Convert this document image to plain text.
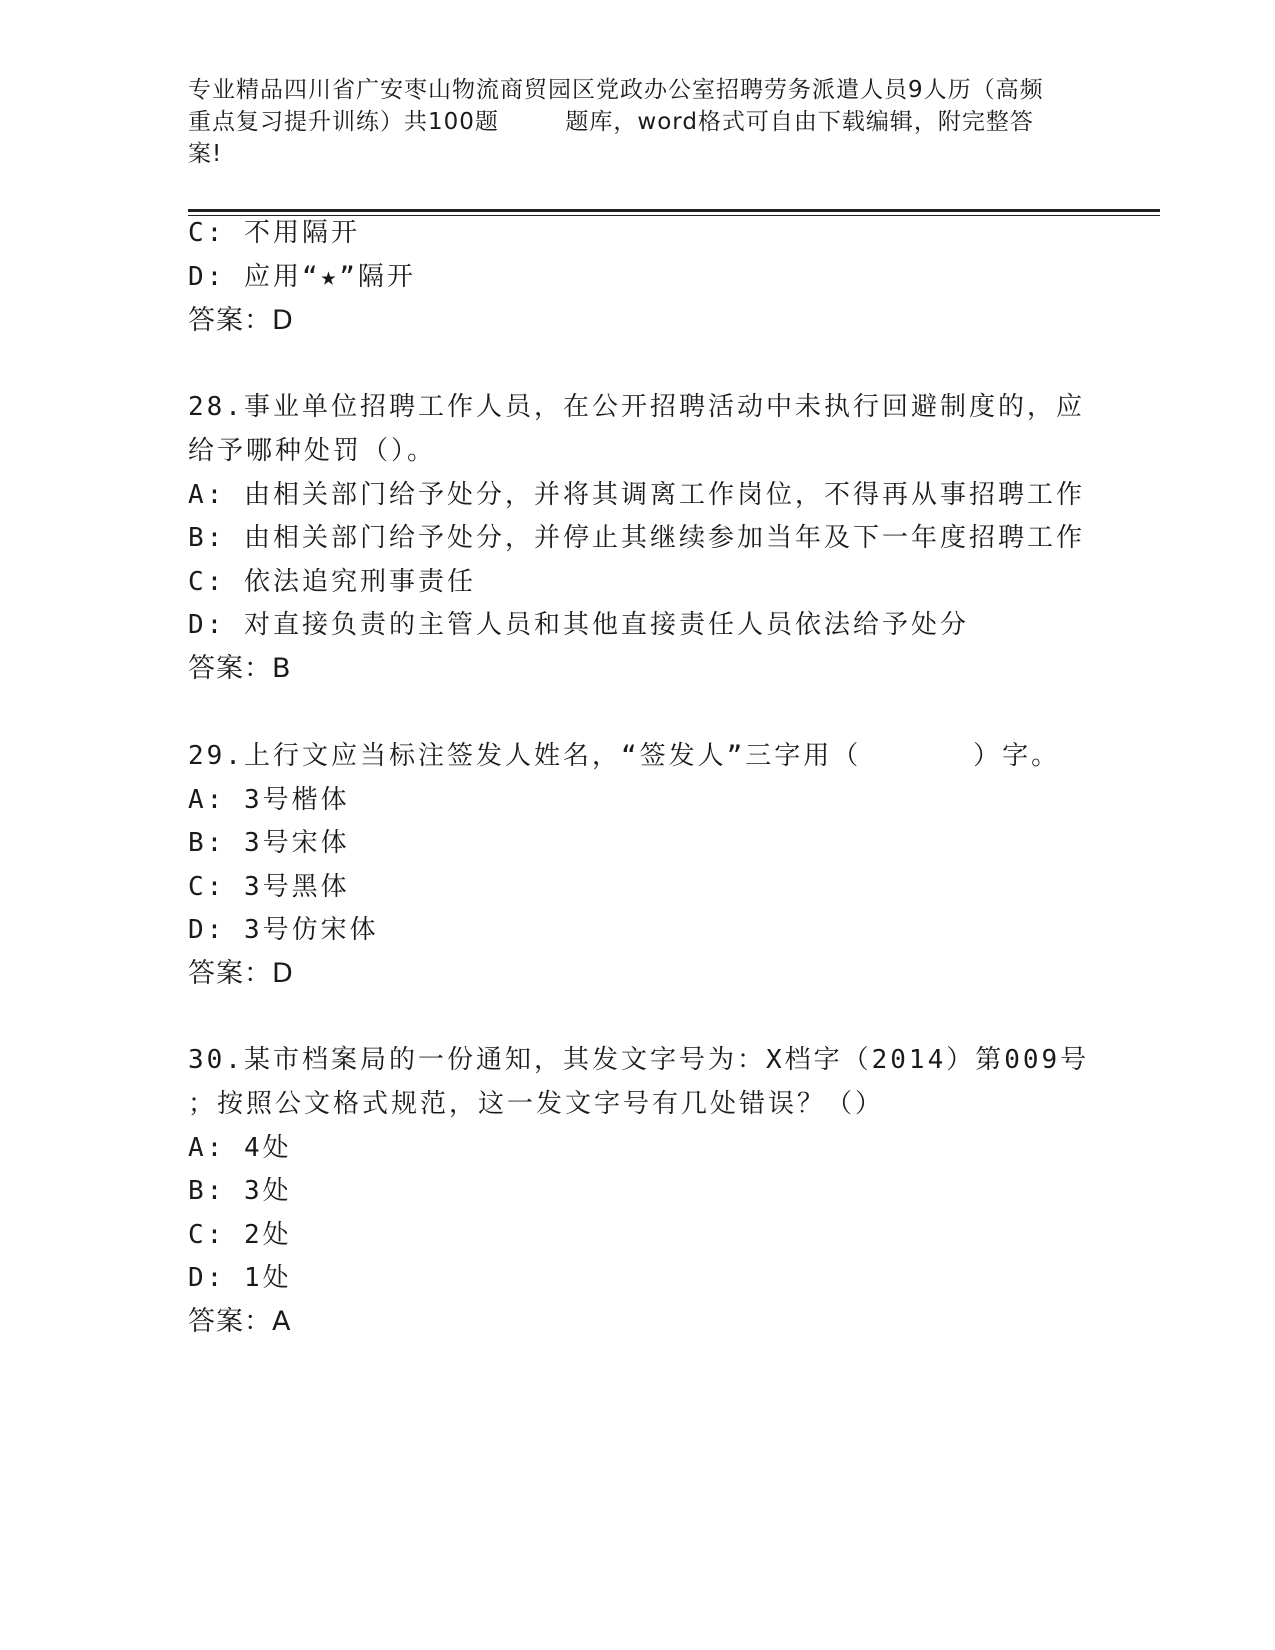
专业精品四川省广安枣山物流商贸园区党政办公室招聘劳务派遣人员9人历（高频
重点复习提升训练）共100题        题库，word格式可自由下载编辑，附完整答
案!
C: 不用隔开
D: 应用“★”隔开
答案：D
28.事业单位招聘工作人员，在公开招聘活动中未执行回避制度的，应
给予哪种处罚（）。
A: 由相关部门给予处分，并将其调离工作岗位，不得再从事招聘工作
B: 由相关部门给予处分，并停止其继续参加当年及下一年度招聘工作
C: 依法追究刑事责任
D: 对直接负责的主管人员和其他直接责任人员依法给予处分
答案：B
29.上行文应当标注签发人姓名，“签发人”三字用（      ）字。
A: 3号楷体
B: 3号宋体
C: 3号黑体
D: 3号仿宋体
答案：D
30.某市档案局的一份通知，其发文字号为：X档字（2014）第009号
；按照公文格式规范，这一发文字号有几处错误？（）
A: 4处
B: 3处
C: 2处
D: 1处
答案：A
